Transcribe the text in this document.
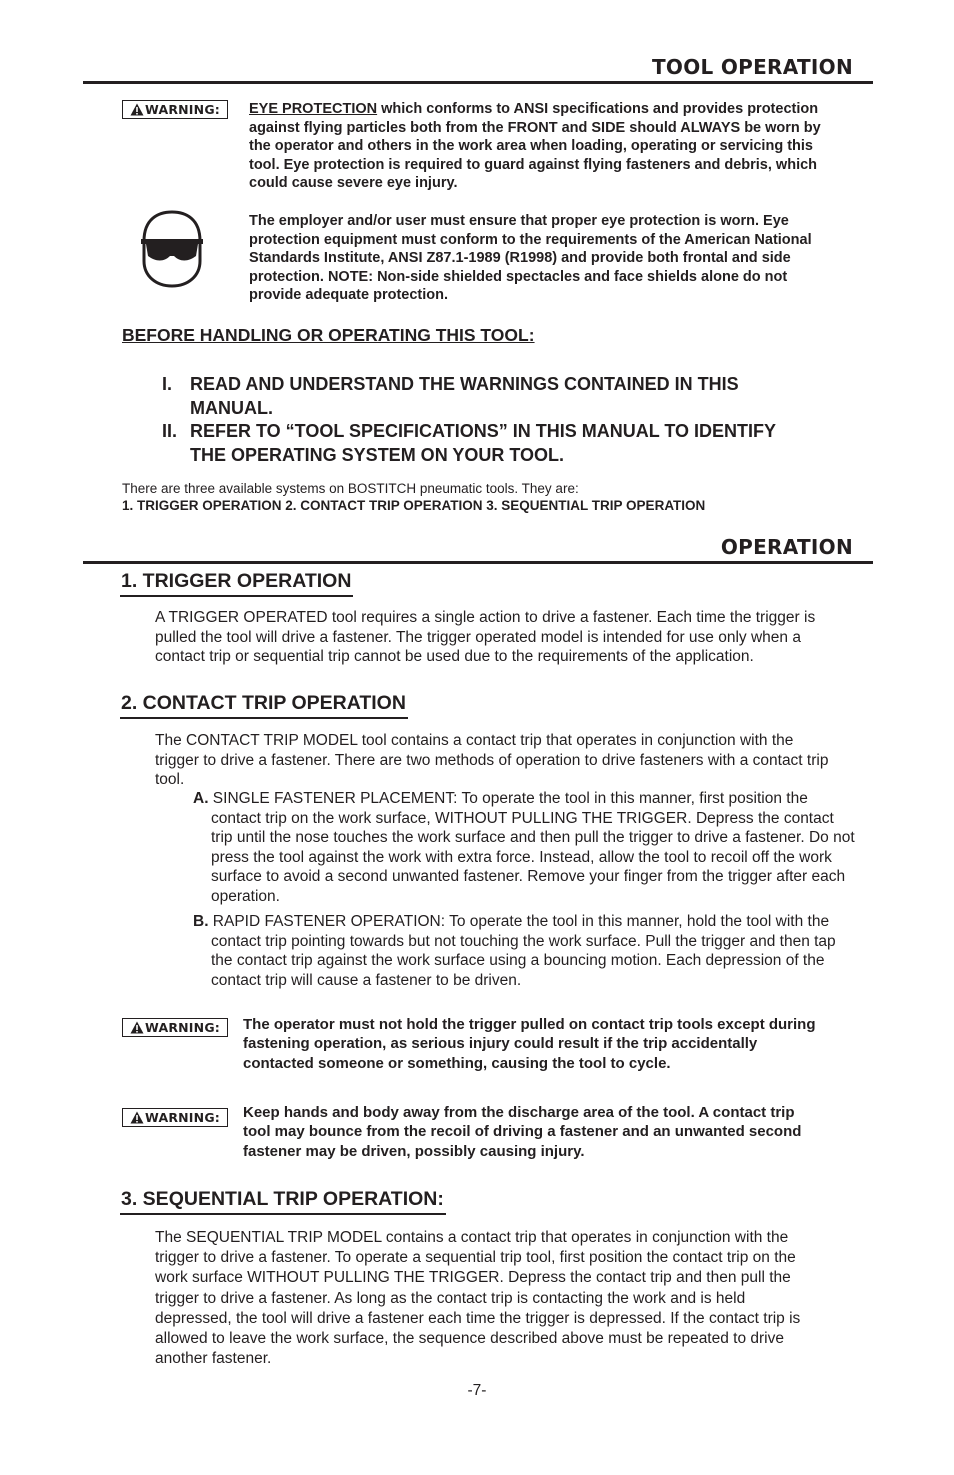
TOOL OPERATION
WARNING: EYE PROTECTION which conforms to ANSI specifications and provides protection against flying particles both from the FRONT and SIDE should ALWAYS be worn by the operator and others in the work area when loading, operating or servicing this tool. Eye protection is required to guard against flying fasteners and debris, which could cause severe eye injury.
The employer and/or user must ensure that proper eye protection is worn. Eye protection equipment must conform to the requirements of the American National Standards Institute, ANSI Z87.1-1989 (R1998) and provide both frontal and side protection. NOTE: Non-side shielded spectacles and face shields alone do not provide adequate protection.
BEFORE HANDLING OR OPERATING THIS TOOL:
I. READ AND UNDERSTAND THE WARNINGS CONTAINED IN THIS MANUAL.
II. REFER TO “TOOL SPECIFICATIONS” IN THIS MANUAL TO IDENTIFY THE OPERATING SYSTEM ON YOUR TOOL.
There are three available systems on BOSTITCH pneumatic tools. They are:
1. TRIGGER OPERATION 2. CONTACT TRIP OPERATION 3. SEQUENTIAL TRIP OPERATION
OPERATION
1. TRIGGER OPERATION
A TRIGGER OPERATED tool requires a single action to drive a fastener. Each time the trigger is pulled the tool will drive a fastener. The trigger operated model is intended for use only when a contact trip or sequential trip cannot be used due to the requirements of the application.
2. CONTACT TRIP OPERATION
The CONTACT TRIP MODEL tool contains a contact trip that operates in conjunction with the trigger to drive a fastener. There are two methods of operation to drive fasteners with a contact trip tool.
A. SINGLE FASTENER PLACEMENT: To operate the tool in this manner, first position the contact trip on the work surface, WITHOUT PULLING THE TRIGGER. Depress the contact trip until the nose touches the work surface and then pull the trigger to drive a fastener. Do not press the tool against the work with extra force. Instead, allow the tool to recoil off the work surface to avoid a second unwanted fastener. Remove your finger from the trigger after each operation.
B. RAPID FASTENER OPERATION: To operate the tool in this manner, hold the tool with the contact trip pointing towards but not touching the work surface. Pull the trigger and then tap the contact trip against the work surface using a bouncing motion. Each depression of the contact trip will cause a fastener to be driven.
WARNING: The operator must not hold the trigger pulled on contact trip tools except during fastening operation, as serious injury could result if the trip accidentally contacted someone or something, causing the tool to cycle.
WARNING: Keep hands and body away from the discharge area of the tool. A contact trip tool may bounce from the recoil of driving a fastener and an unwanted second fastener may be driven, possibly causing injury.
3. SEQUENTIAL TRIP OPERATION:
The SEQUENTIAL TRIP MODEL contains a contact trip that operates in conjunction with the trigger to drive a fastener. To operate a sequential trip tool, first position the contact trip on the work surface WITHOUT PULLING THE TRIGGER. Depress the contact trip and then pull the trigger to drive a fastener. As long as the contact trip is contacting the work and is held depressed, the tool will drive a fastener each time the trigger is depressed. If the contact trip is allowed to leave the work surface, the sequence described above must be repeated to drive another fastener.
-7-
